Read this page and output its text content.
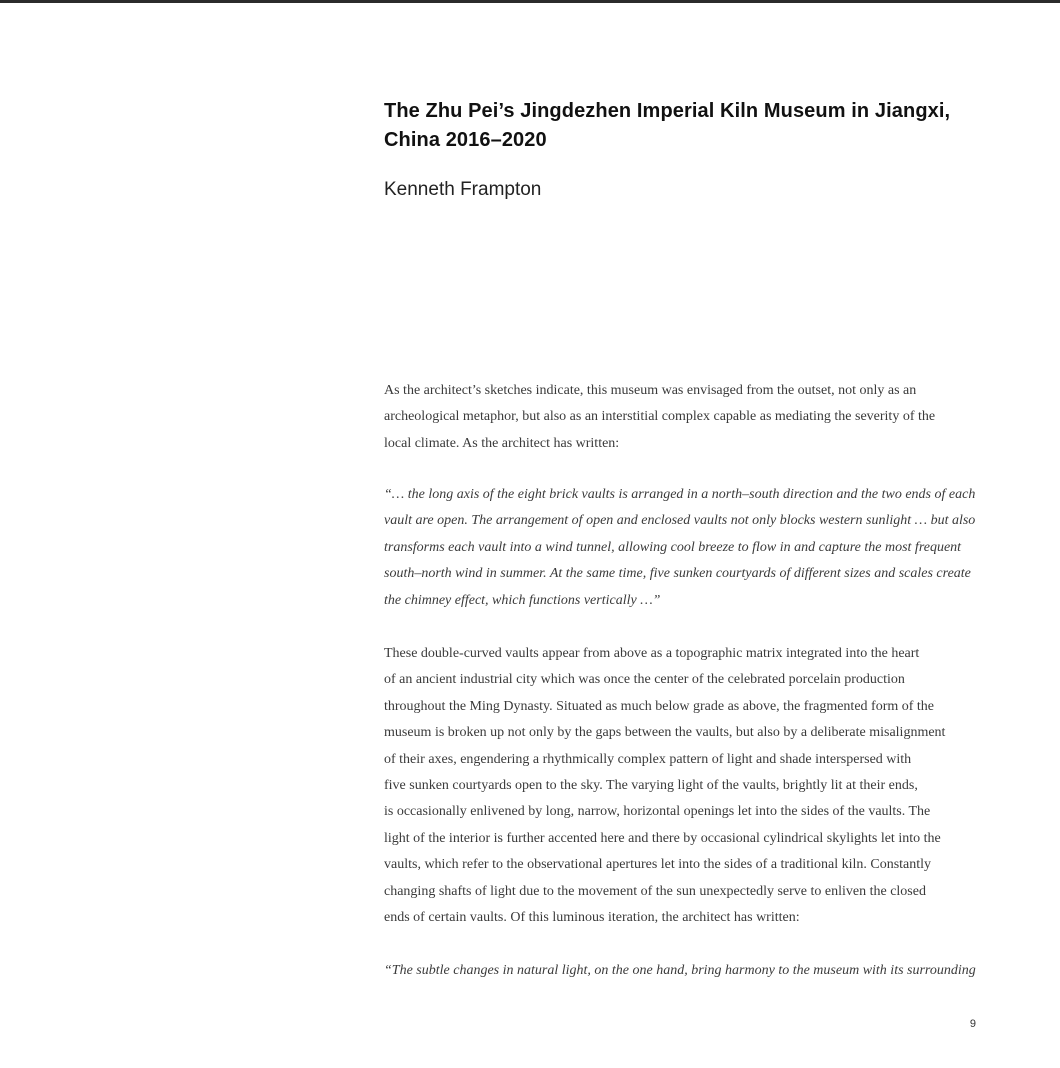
The Zhu Pei’s Jingdezhen Imperial Kiln Museum in Jiangxi,
China 2016–2020

Kenneth Frampton

As the architect’s sketches indicate, this museum was envisaged from the outset, not only as an
archeological metaphor, but also as an interstitial complex capable as mediating the severity of the
local climate. As the architect has written:
“… the long axis of the eight brick vaults is arranged in a north–south direction and the two ends of each
vault are open. The arrangement of open and enclosed vaults not only blocks western sunlight … but also
transforms each vault into a wind tunnel, allowing cool breeze to flow in and capture the most frequent
south–north wind in summer. At the same time, five sunken courtyards of different sizes and scales create
the chimney effect, which functions vertically …”
These double-curved vaults appear from above as a topographic matrix integrated into the heart
of an ancient industrial city which was once the center of the celebrated porcelain production
throughout the Ming Dynasty. Situated as much below grade as above, the fragmented form of the
museum is broken up not only by the gaps between the vaults, but also by a deliberate misalignment
of their axes, engendering a rhythmically complex pattern of light and shade interspersed with
five sunken courtyards open to the sky. The varying light of the vaults, brightly lit at their ends,
is occasionally enlivened by long, narrow, horizontal openings let into the sides of the vaults. The
light of the interior is further accented here and there by occasional cylindrical skylights let into the
vaults, which refer to the observational apertures let into the sides of a traditional kiln. Constantly
changing shafts of light due to the movement of the sun unexpectedly serve to enliven the closed
ends of certain vaults. Of this luminous iteration, the architect has written:
“The subtle changes in natural light, on the one hand, bring harmony to the museum with its surrounding

9
